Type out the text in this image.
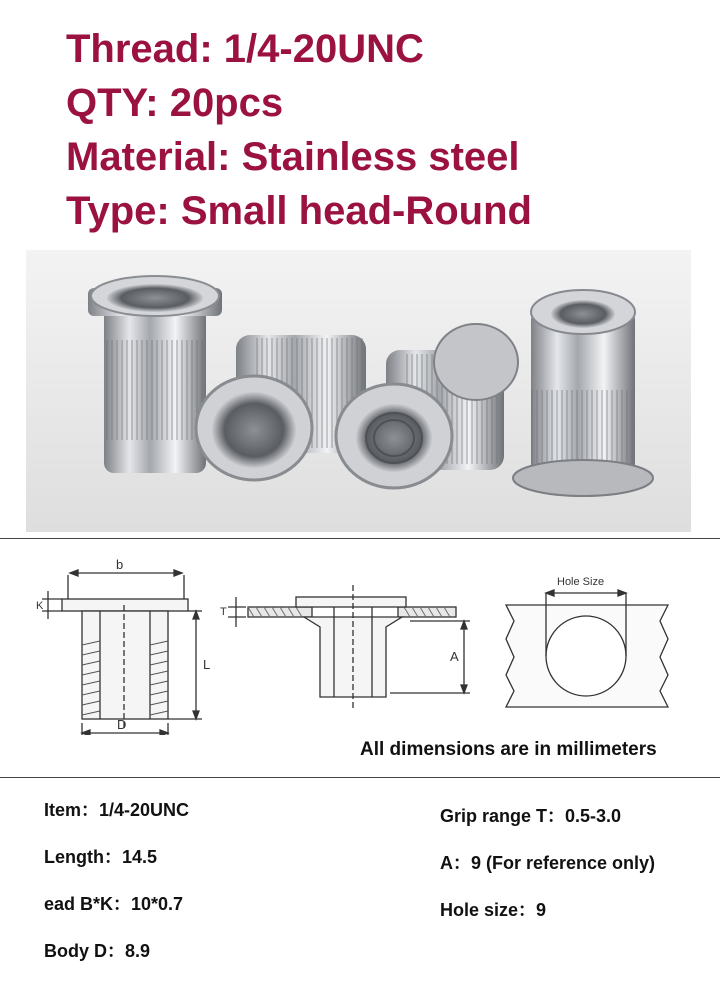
Thread: 1/4-20UNC
QTY: 20pcs
Material: Stainless steel
Type: Small head-Round
b
K
L
D
T
A
Hole Size
All dimensions are in millimeters
Item：1/4-20UNC
Length：14.5
ead B*K：10*0.7
Body D：8.9
Grip range T：0.5-3.0
A：9 (For reference only)
Hole size：9
